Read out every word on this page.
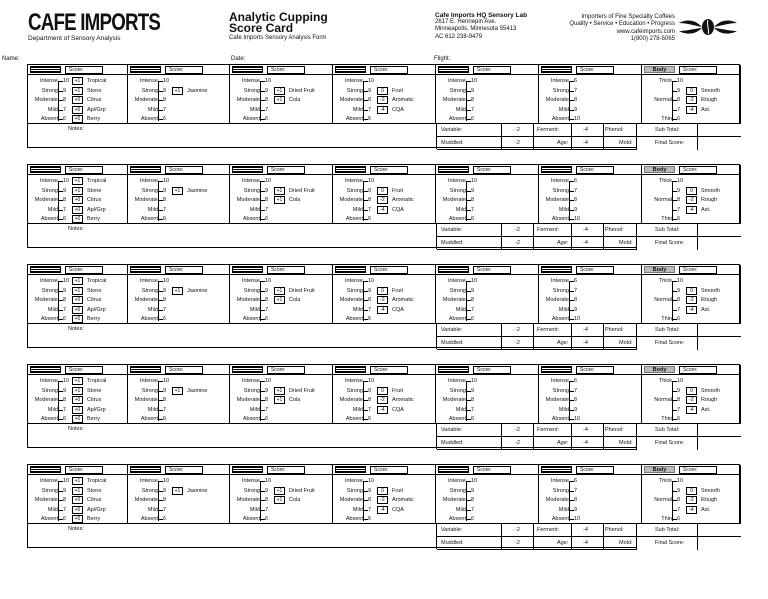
CAFE IMPORTS
Department of Sensory Analysis
Analytic Cupping
Score Card
Cafe Imports Sensory Analysis Form
Cafe Imports HQ Sensory Lab
2617 E. Hennepin Ave.
Minneapolis, Minnesota 55413
AC 612 238-9479
Importers of Fine Specialty Coffees
Quality • Service • Education • Progress
www.cafeimports.com
1(800) 278-5065
Name:	Date:	Flight:
Score:
Intense 10	+1	Tropical
Strong 9	+1	Stone
Moderate 8	+0	Citrus
Mild 7	+0	Apl/Grp
Absent 6	+0	Berry
Score:
Intense 10
Strong 9	+1	Jasmine
Moderate 8
Mild 7
Absent 6
Score:
Intense 10
Strong 9	+1	Dried Fruit
Moderate 8	+1	Cola
Mild 7
Absent 6
Score:
Intense 10
Strong 9	0	Fruit
Moderate 8	-2	Aromatic
Mild 7	-4	CQA
Absent 6
Score:
Intense 10
Strong 9
Moderate 8
Mild 7
Absent 6
Score:
Intense 6
Strong 7
Moderate 8
Mild 9
Absent 10
Body	Score:
Thick 10
9	0	Smooth
Normal 8	-2	Rough
7	-4	Ast.
Thin 6
Notes:	Variable:	-2	Ferment:	-4	Phenol:
Muddled:	-2	Age:	-4	Mold:
Sub Total:
Final Score:
Score:
Intense 10	+1	Tropical
Strong 9	+1	Stone
Moderate 8	+0	Citrus
Mild 7	+0	Apl/Grp
Absent 6	+0	Berry
Score:
Intense 10
Strong 9	+1	Jasmine
Moderate 8
Mild 7
Absent 6
Score:
Intense 10
Strong 9	+1	Dried Fruit
Moderate 8	+1	Cola
Mild 7
Absent 6
Score:
Intense 10
Strong 9	0	Fruit
Moderate 8	-2	Aromatic
Mild 7	-4	CQA
Absent 6
Score:
Intense 10
Strong 9
Moderate 8
Mild 7
Absent 6
Score:
Intense 6
Strong 7
Moderate 8
Mild 9
Absent 10
Body	Score:
Thick 10
9	0	Smooth
Normal 8	-2	Rough
7	-4	Ast.
Thin 6
Notes:	Variable:	-2	Ferment:	-4	Phenol:
Muddled:	-2	Age:	-4	Mold:
Sub Total:
Final Score:
Score:
Intense 10	+1	Tropical
Strong 9	+1	Stone
Moderate 8	+0	Citrus
Mild 7	+0	Apl/Grp
Absent 6	+0	Berry
Score:
Intense 10
Strong 9	+1	Jasmine
Moderate 8
Mild 7
Absent 6
Score:
Intense 10
Strong 9	+1	Dried Fruit
Moderate 8	+1	Cola
Mild 7
Absent 6
Score:
Intense 10
Strong 9	0	Fruit
Moderate 8	-2	Aromatic
Mild 7	-4	CQA
Absent 6
Score:
Intense 10
Strong 9
Moderate 8
Mild 7
Absent 6
Score:
Intense 6
Strong 7
Moderate 8
Mild 9
Absent 10
Body	Score:
Thick 10
9	0	Smooth
Normal 8	-2	Rough
7	-4	Ast.
Thin 6
Notes:	Variable:	-2	Ferment:	-4	Phenol:
Muddled:	-2	Age:	-4	Mold:
Sub Total:
Final Score:
Score:
Intense 10	+1	Tropical
Strong 9	+1	Stone
Moderate 8	+0	Citrus
Mild 7	+0	Apl/Grp
Absent 6	+0	Berry
Score:
Intense 10
Strong 9	+1	Jasmine
Moderate 8
Mild 7
Absent 6
Score:
Intense 10
Strong 9	+1	Dried Fruit
Moderate 8	+1	Cola
Mild 7
Absent 6
Score:
Intense 10
Strong 9	0	Fruit
Moderate 8	-2	Aromatic
Mild 7	-4	CQA
Absent 6
Score:
Intense 10
Strong 9
Moderate 8
Mild 7
Absent 6
Score:
Intense 6
Strong 7
Moderate 8
Mild 9
Absent 10
Body	Score:
Thick 10
9	0	Smooth
Normal 8	-2	Rough
7	-4	Ast.
Thin 6
Notes:	Variable:	-2	Ferment:	-4	Phenol:
Muddled:	-2	Age:	-4	Mold:
Sub Total:
Final Score:
Score:
Intense 10	+1	Tropical
Strong 9	+1	Stone
Moderate 8	+0	Citrus
Mild 7	+0	Apl/Grp
Absent 6	+0	Berry
Score:
Intense 10
Strong 9	+1	Jasmine
Moderate 8
Mild 7
Absent 6
Score:
Intense 10
Strong 9	+1	Dried Fruit
Moderate 8	+1	Cola
Mild 7
Absent 6
Score:
Intense 10
Strong 9	0	Fruit
Moderate 8	-2	Aromatic
Mild 7	-4	CQA
Absent 6
Score:
Intense 10
Strong 9
Moderate 8
Mild 7
Absent 6
Score:
Intense 6
Strong 7
Moderate 8
Mild 9
Absent 10
Body	Score:
Thick 10
9	0	Smooth
Normal 8	-2	Rough
7	-4	Ast.
Thin 6
Notes:	Variable:	-2	Ferment:	-4	Phenol:
Muddled:	-2	Age:	-4	Mold:
Sub Total:
Final Score:
